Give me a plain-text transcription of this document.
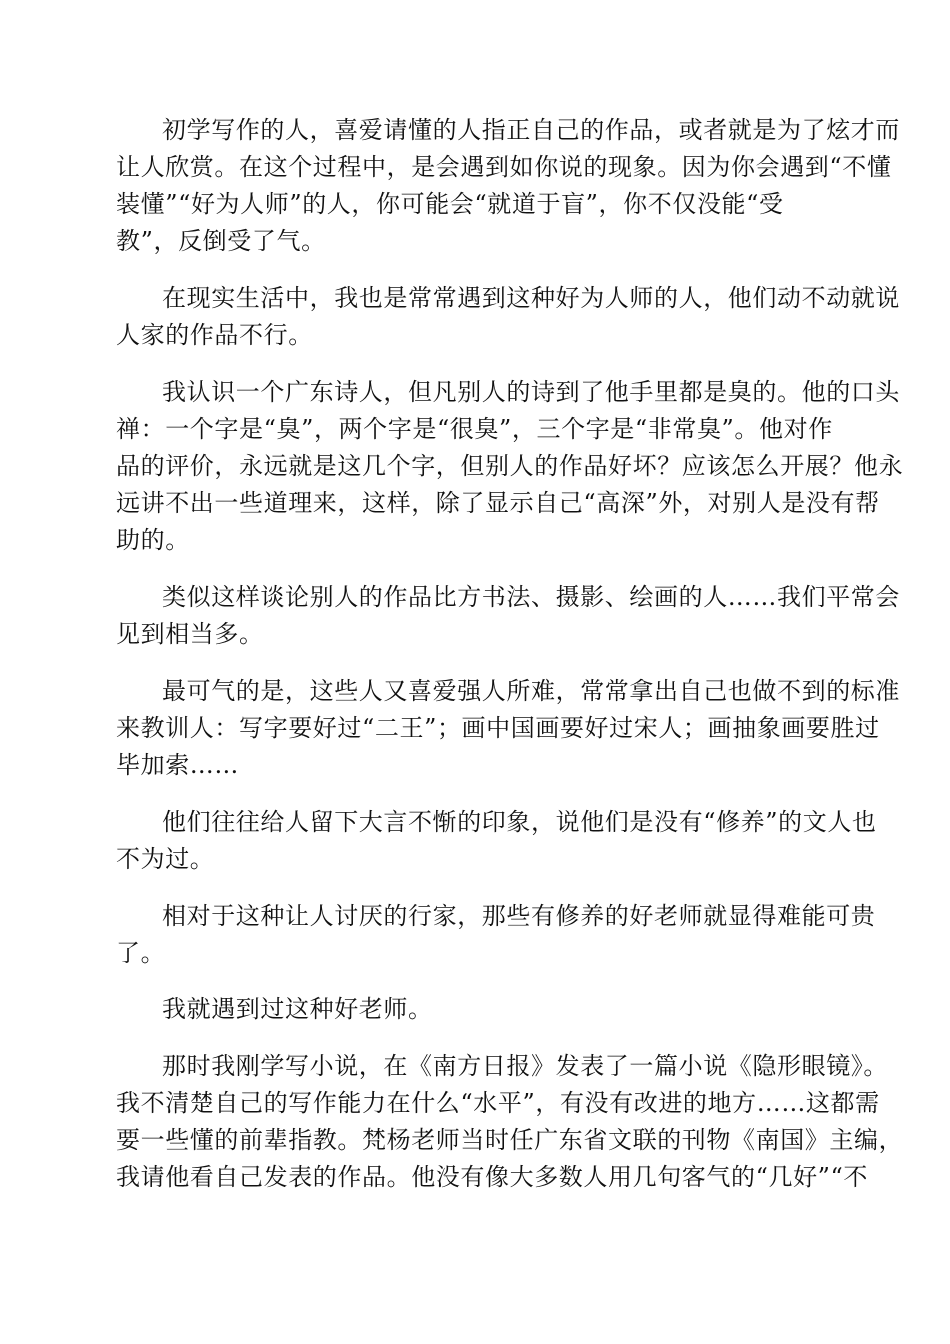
初学写作的人，喜爱请懂的人指正自己的作品，或者就是为了炫才而
让人欣赏。在这个过程中，是会遇到如你说的现象。因为你会遇到“不懂
装懂”“好为人师”的人，你可能会“就道于盲”，你不仅没能“受
教”，反倒受了气。
在现实生活中，我也是常常遇到这种好为人师的人，他们动不动就说
人家的作品不行。
我认识一个广东诗人，但凡别人的诗到了他手里都是臭的。他的口头
禅：一个字是“臭”，两个字是“很臭”，三个字是“非常臭”。他对作
品的评价，永远就是这几个字，但别人的作品好坏？应该怎么开展？他永
远讲不出一些道理来，这样，除了显示自己“高深”外，对别人是没有帮
助的。
类似这样谈论别人的作品比方书法、摄影、绘画的人……我们平常会
见到相当多。
最可气的是，这些人又喜爱强人所难，常常拿出自己也做不到的标准
来教训人：写字要好过“二王”；画中国画要好过宋人；画抽象画要胜过
毕加索……
他们往往给人留下大言不惭的印象，说他们是没有“修养”的文人也
不为过。
相对于这种让人讨厌的行家，那些有修养的好老师就显得难能可贵
了。
我就遇到过这种好老师。
那时我刚学写小说，在《南方日报》发表了一篇小说《隐形眼镜》。
我不清楚自己的写作能力在什么“水平”，有没有改进的地方……这都需
要一些懂的前辈指教。梵杨老师当时任广东省文联的刊物《南国》主编，
我请他看自己发表的作品。他没有像大多数人用几句客气的“几好”“不
